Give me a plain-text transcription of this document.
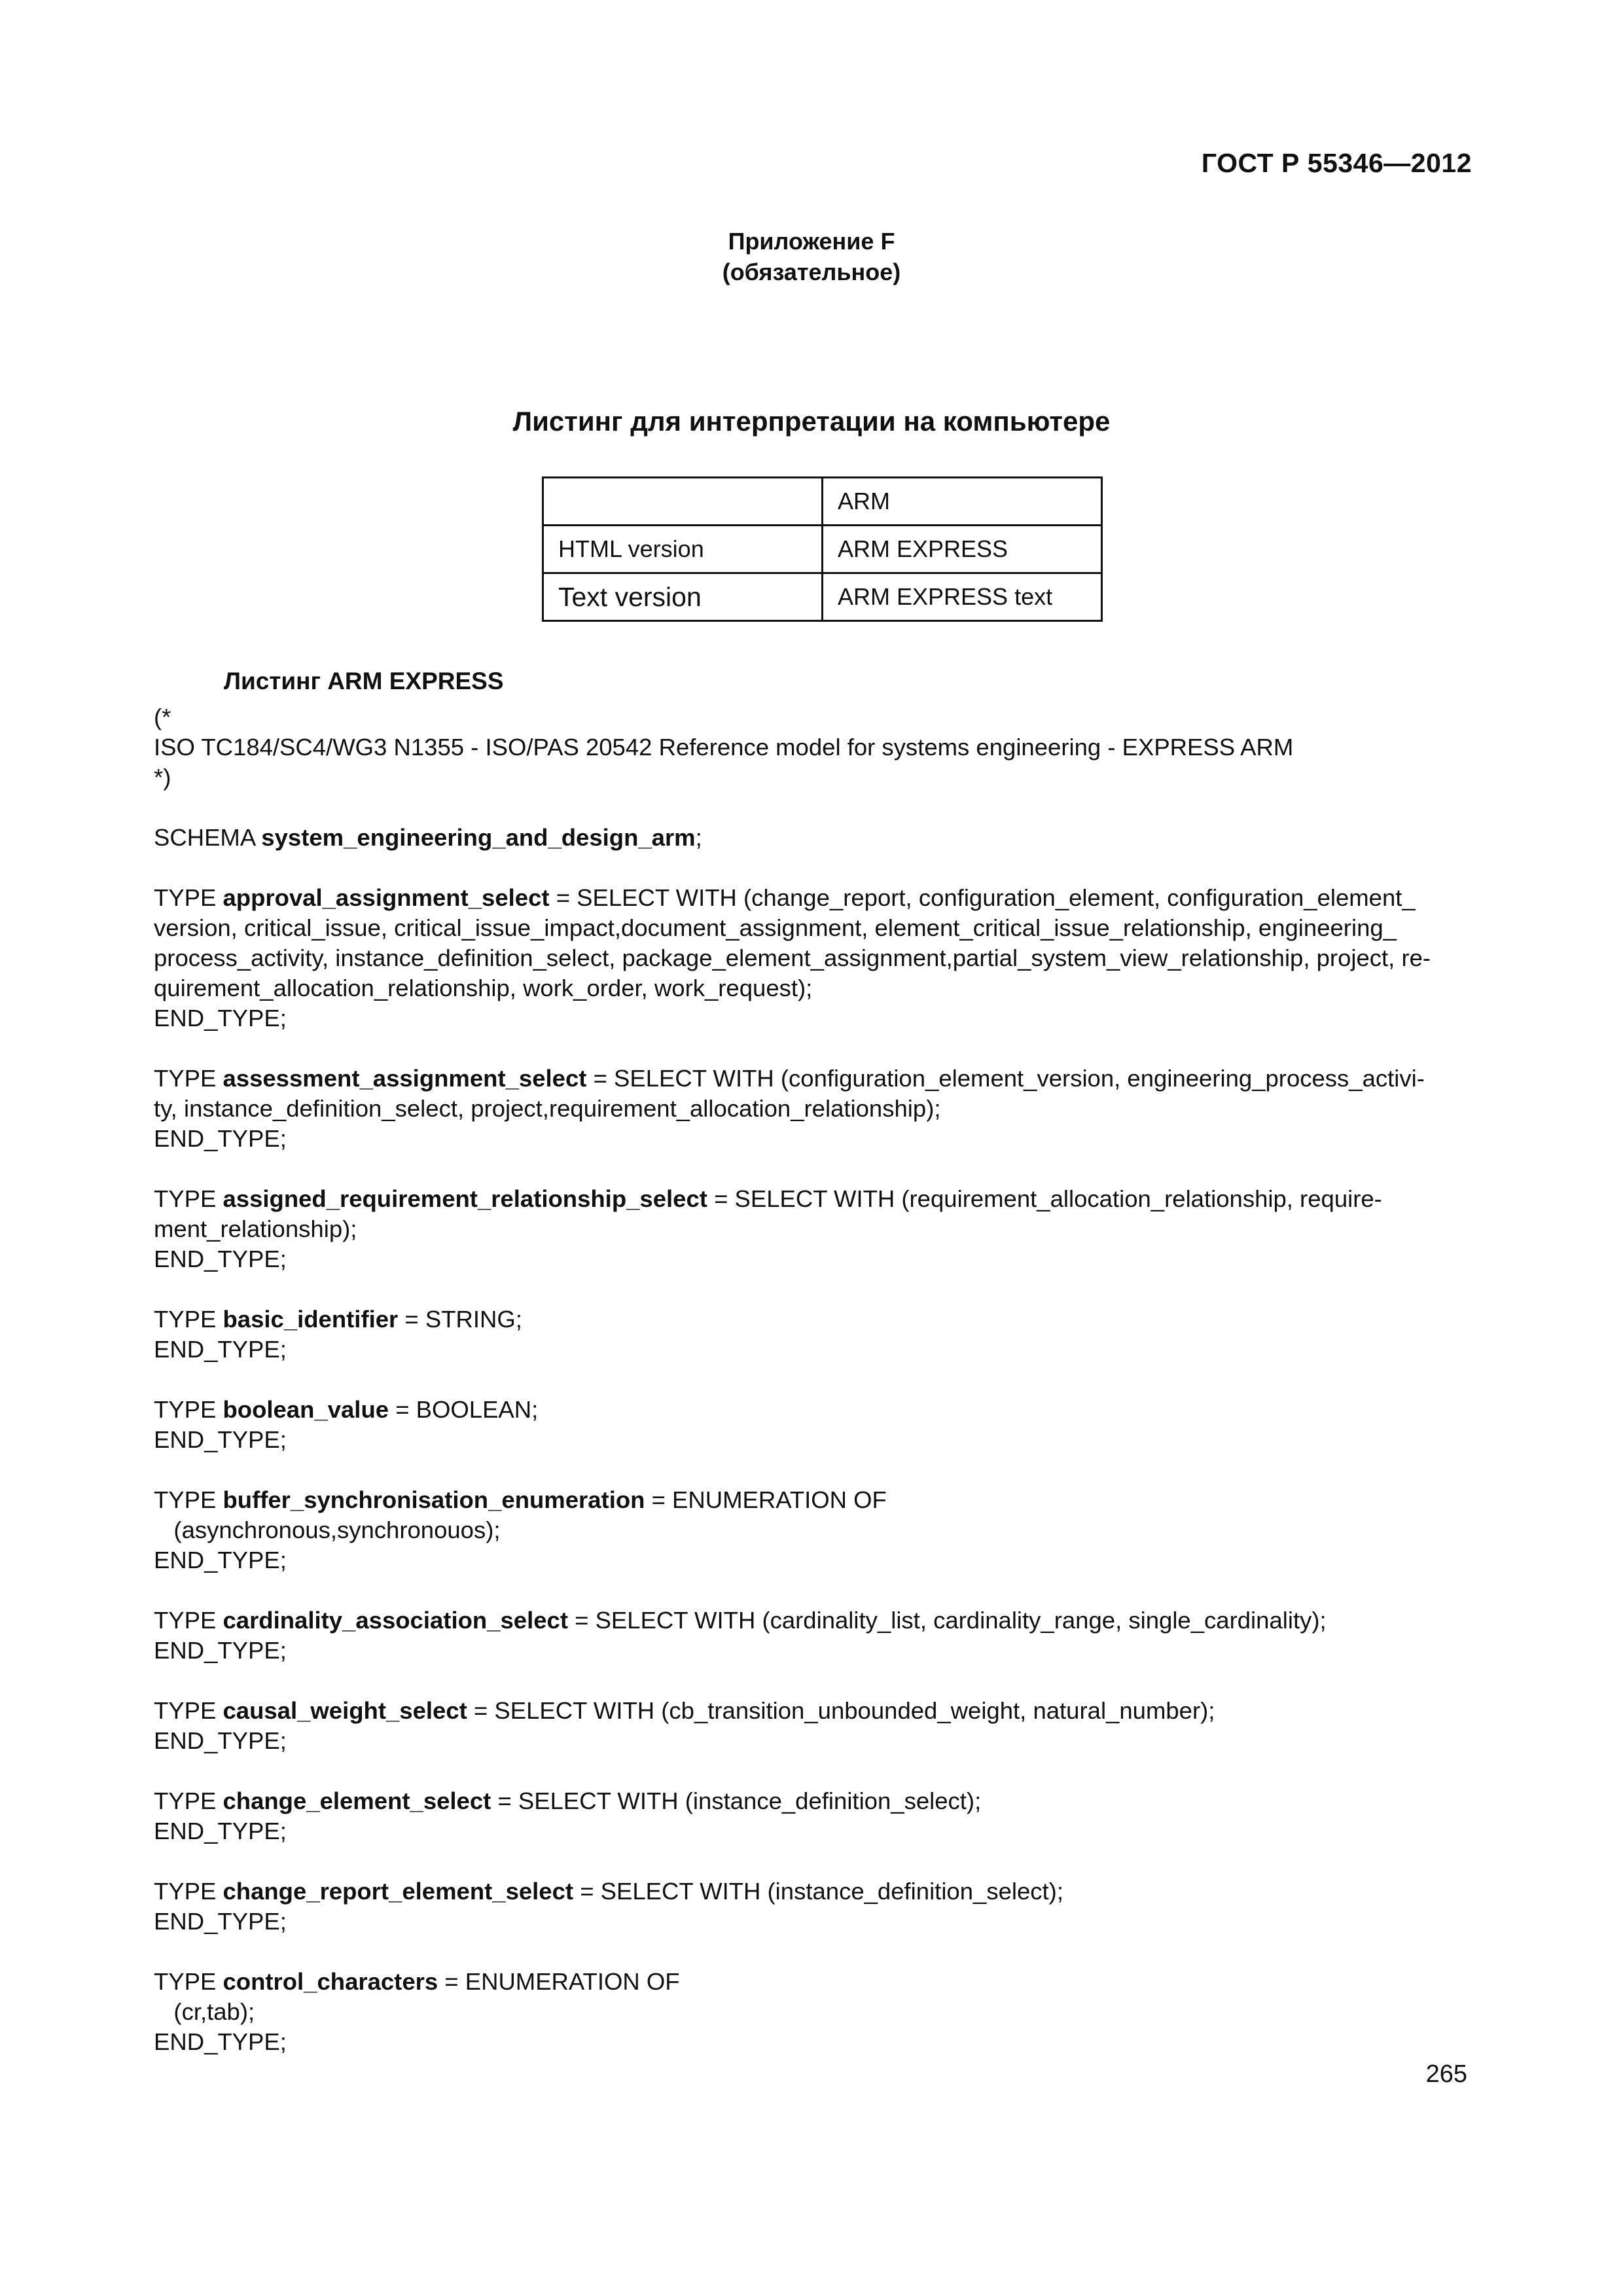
ГОСТ Р 55346—2012
Приложение F
(обязательное)
Листинг для интерпретации на компьютере
	ARM
HTML version	ARM EXPRESS
Text version	ARM EXPRESS text
Листинг ARM EXPRESS
(*
ISO TC184/SC4/WG3 N1355 - ISO/PAS 20542 Reference model for systems engineering - EXPRESS ARM
*)
SCHEMA system_engineering_and_design_arm;
TYPE approval_assignment_select = SELECT WITH (change_report, configuration_element, configuration_element_
version, critical_issue, critical_issue_impact,document_assignment, element_critical_issue_relationship, engineering_
process_activity, instance_definition_select, package_element_assignment,partial_system_view_relationship, project, re-
quirement_allocation_relationship, work_order, work_request);
END_TYPE;
TYPE assessment_assignment_select = SELECT WITH (configuration_element_version, engineering_process_activi-
ty, instance_definition_select, project,requirement_allocation_relationship);
END_TYPE;
TYPE assigned_requirement_relationship_select = SELECT WITH (requirement_allocation_relationship, require-
ment_relationship);
END_TYPE;
TYPE basic_identifier = STRING;
END_TYPE;
TYPE boolean_value = BOOLEAN;
END_TYPE;
TYPE buffer_synchronisation_enumeration = ENUMERATION OF
(asynchronous,synchronouos);
END_TYPE;
TYPE cardinality_association_select = SELECT WITH (cardinality_list, cardinality_range, single_cardinality);
END_TYPE;
TYPE causal_weight_select = SELECT WITH (cb_transition_unbounded_weight, natural_number);
END_TYPE;
TYPE change_element_select = SELECT WITH (instance_definition_select);
END_TYPE;
TYPE change_report_element_select = SELECT WITH (instance_definition_select);
END_TYPE;
TYPE control_characters = ENUMERATION OF
(cr,tab);
END_TYPE;
265
